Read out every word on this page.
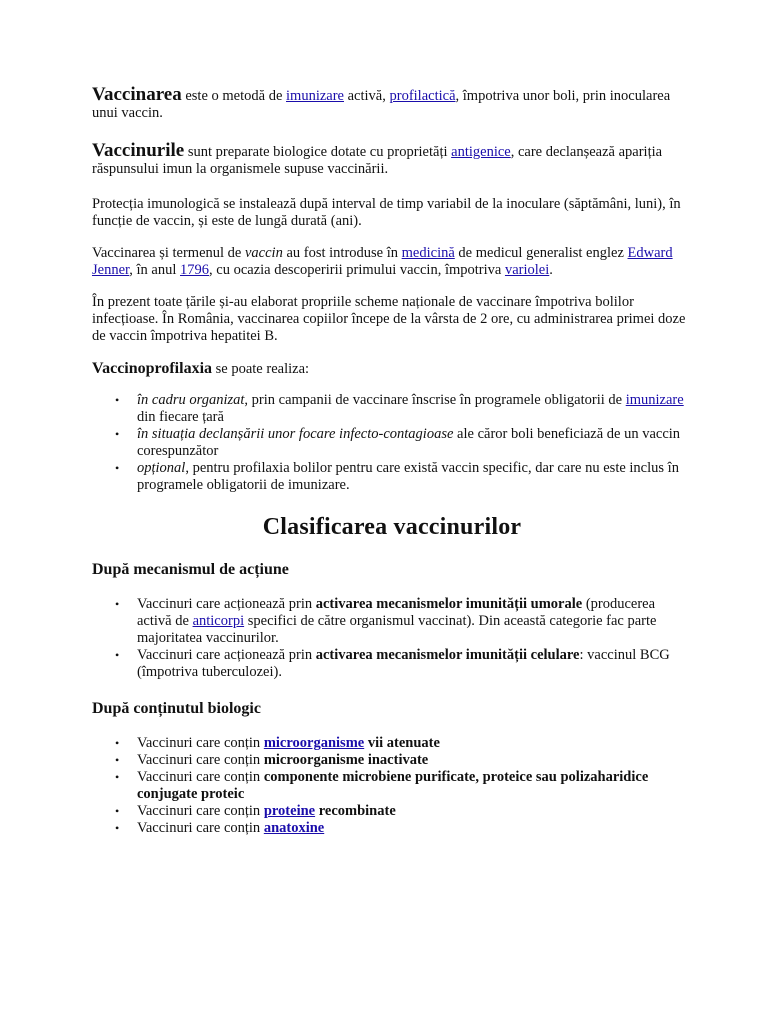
Vaccinarea este o metodă de imunizare activă, profilactică, împotriva unor boli, prin inocularea unui vaccin.

Vaccinurile sunt preparate biologice dotate cu proprietăți antigenice, care declanșează apariția răspunsului imun la organismele supuse vaccinării.

Protecția imunologică se instalează după interval de timp variabil de la inoculare (săptămâni, luni), în funcție de vaccin, și este de lungă durată (ani).

Vaccinarea și termenul de vaccin au fost introduse în medicină de medicul generalist englez Edward Jenner, în anul 1796, cu ocazia descoperirii primului vaccin, împotriva variolei.

În prezent toate țările și-au elaborat propriile scheme naționale de vaccinare împotriva bolilor infecțioase. În România, vaccinarea copiilor începe de la vârsta de 2 ore, cu administrarea primei doze de vaccin împotriva hepatitei B.

Vaccinoprofilaxia se poate realiza:

• în cadru organizat, prin campanii de vaccinare înscrise în programele obligatorii de imunizare din fiecare țară
• în situația declanșării unor focare infecto-contagioase ale căror boli beneficiază de un vaccin corespunzător
• opțional, pentru profilaxia bolilor pentru care există vaccin specific, dar care nu este inclus în programele obligatorii de imunizare.
Clasificarea vaccinurilor
După mecanismul de acțiune
• Vaccinuri care acționează prin activarea mecanismelor imunității umorale (producerea activă de anticorpi specifici de către organismul vaccinat). Din această categorie fac parte majoritatea vaccinurilor.
• Vaccinuri care acționează prin activarea mecanismelor imunității celulare: vaccinul BCG (împotriva tuberculozei).
După conținutul biologic
• Vaccinuri care conțin microorganisme vii atenuate
• Vaccinuri care conțin microorganisme inactivate
• Vaccinuri care conțin componente microbiene purificate, proteice sau polizaharidice conjugate proteic
• Vaccinuri care conțin proteine recombinate
• Vaccinuri care conțin anatoxine
